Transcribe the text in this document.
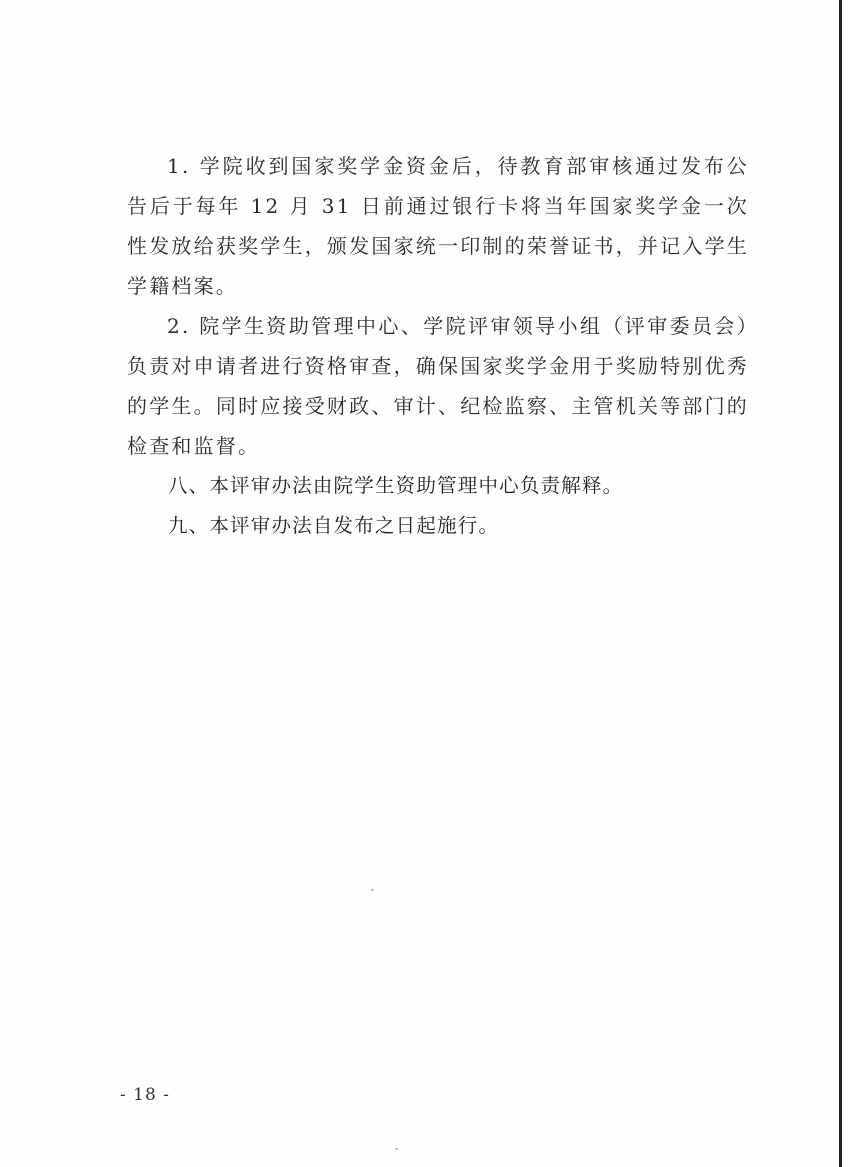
1. 学院收到国家奖学金资金后，待教育部审核通过发布公告后于每年 12 月 31 日前通过银行卡将当年国家奖学金一次性发放给获奖学生，颁发国家统一印制的荣誉证书，并记入学生学籍档案。

2. 院学生资助管理中心、学院评审领导小组（评审委员会）负责对申请者进行资格审查，确保国家奖学金用于奖励特别优秀的学生。同时应接受财政、审计、纪检监察、主管机关等部门的检查和监督。

八、本评审办法由院学生资助管理中心负责解释。

九、本评审办法自发布之日起施行。

- 18 -
